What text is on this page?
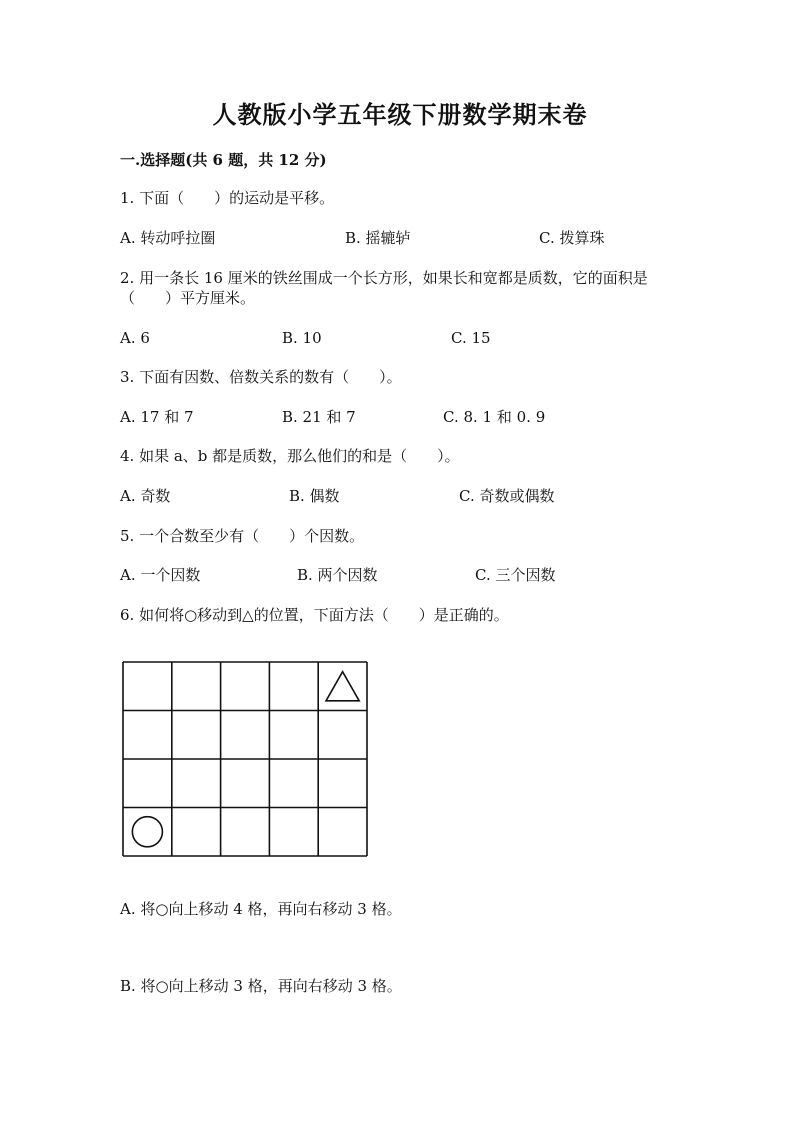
人教版小学五年级下册数学期末卷
一.选择题(共 6 题，共 12 分)
1. 下面（　　）的运动是平移。
A. 转动呼拉圈	B. 摇辘轳	C. 拨算珠
2. 用一条长 16 厘米的铁丝围成一个长方形，如果长和宽都是质数，它的面积是
（　　）平方厘米。
A. 6	B. 10	C. 15
3. 下面有因数、倍数关系的数有（　　）。
A. 17 和 7	B. 21 和 7	C. 8. 1 和 0. 9
4. 如果 a、b 都是质数，那么他们的和是（　　）。
A. 奇数	B. 偶数	C. 奇数或偶数
5. 一个合数至少有（　　）个因数。
A. 一个因数	B. 两个因数	C. 三个因数
6. 如何将○移动到△的位置，下面方法（　　）是正确的。
A. 将○向上移动 4 格，再向右移动 3 格。
B. 将○向上移动 3 格，再向右移动 3 格。
